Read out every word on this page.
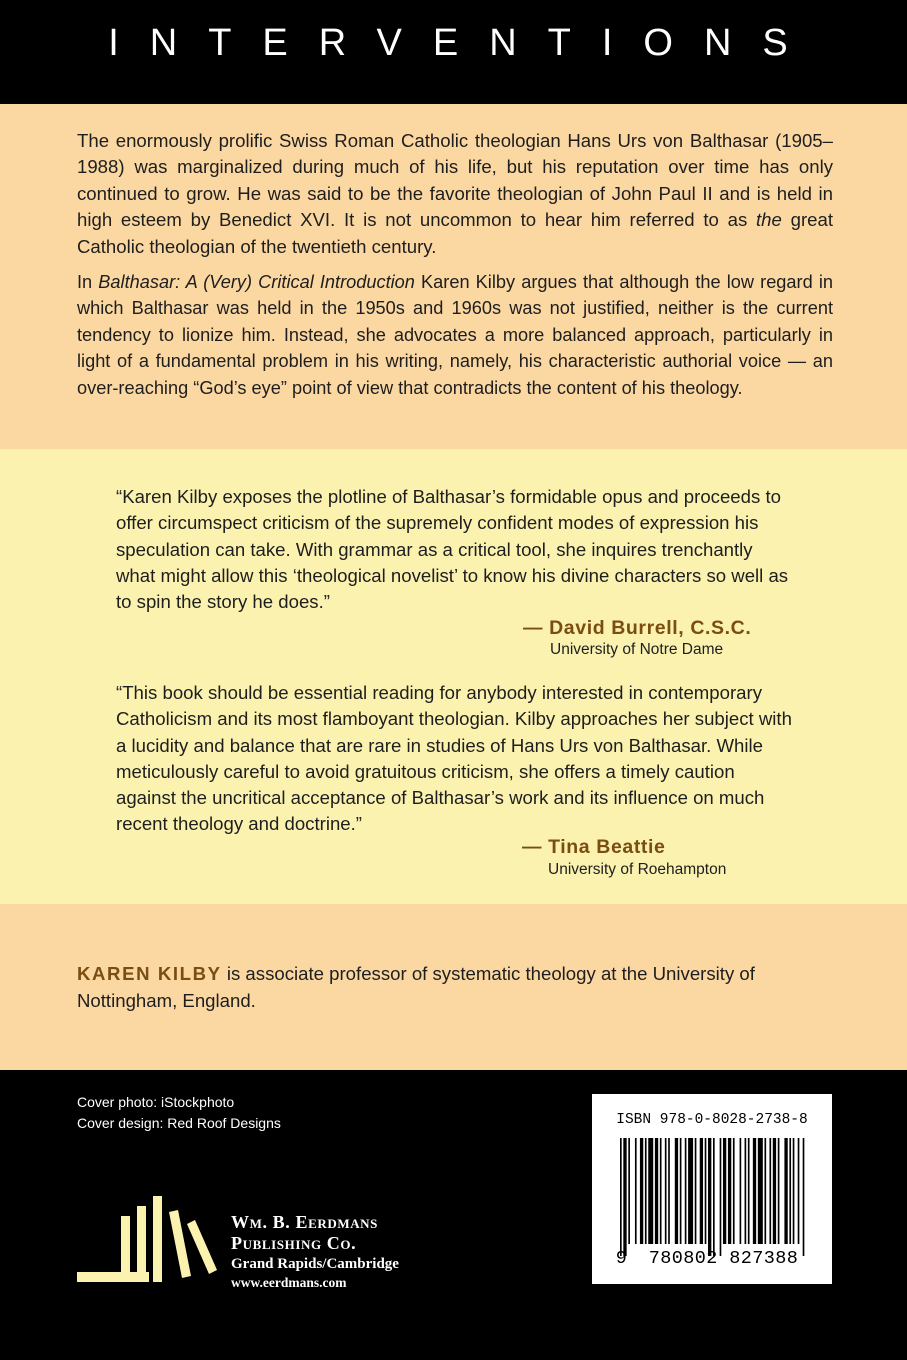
INTERVENTIONS

The enormously prolific Swiss Roman Catholic theologian Hans Urs von Balthasar (1905–1988) was marginalized during much of his life, but his reputation over time has only continued to grow. He was said to be the favorite theologian of John Paul II and is held in high esteem by Benedict XVI. It is not uncommon to hear him referred to as the great Catholic theologian of the twentieth century.

In Balthasar: A (Very) Critical Introduction Karen Kilby argues that although the low regard in which Balthasar was held in the 1950s and 1960s was not justified, neither is the current tendency to lionize him. Instead, she advocates a more balanced approach, particularly in light of a fundamental problem in his writing, namely, his characteristic authorial voice — an over-reaching “God’s eye” point of view that contradicts the content of his theology.

“Karen Kilby exposes the plotline of Balthasar’s formidable opus and proceeds to offer circumspect criticism of the supremely confident modes of expression his speculation can take. With grammar as a critical tool, she inquires trenchantly what might allow this ‘theological novelist’ to know his divine characters so well as to spin the story he does.”
— David Burrell, C.S.C.
University of Notre Dame
“This book should be essential reading for anybody interested in contemporary Catholicism and its most flamboyant theologian. Kilby approaches her subject with a lucidity and balance that are rare in studies of Hans Urs von Balthasar. While meticulously careful to avoid gratuitous criticism, she offers a timely caution against the uncritical acceptance of Balthasar’s work and its influence on much recent theology and doctrine.”
— Tina Beattie
University of Roehampton
KAREN KILBY is associate professor of systematic theology at the University of Nottingham, England.
Cover photo: iStockphoto
Cover design: Red Roof Designs
Wm. B. Eerdmans
Publishing Co.
Grand Rapids/Cambridge
www.eerdmans.com
ISBN 978-0-8028-2738-8
9 780802 827388
